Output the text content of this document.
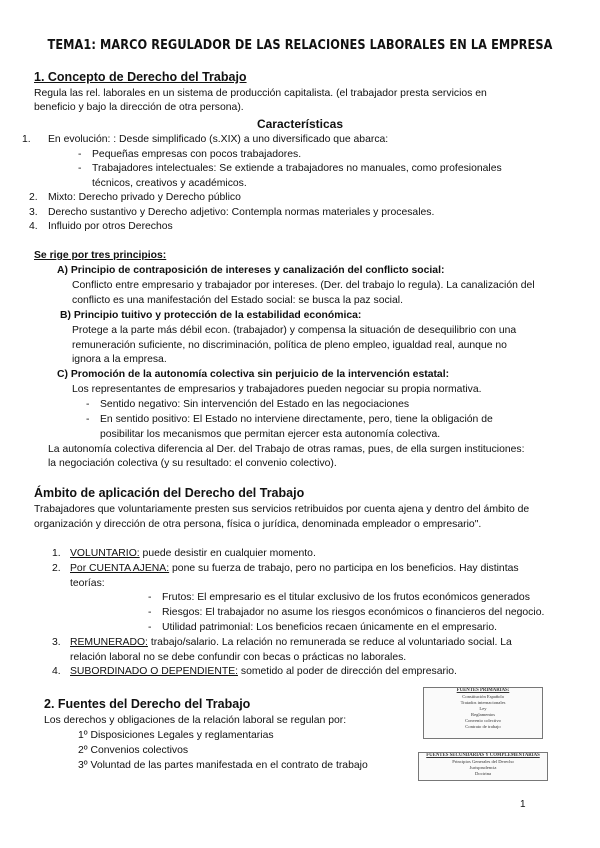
TEMA1: MARCO REGULADOR DE LAS RELACIONES LABORALES EN LA EMPRESA
1. Concepto de Derecho del Trabajo
Regula las rel. laborales en un sistema de producción capitalista. (el trabajador presta servicios en
beneficio y bajo la dirección de otra persona).
Características
1. En evolución: : Desde simplificado (s.XIX) a uno diversificado que abarca:
- Pequeñas empresas con pocos trabajadores.
- Trabajadores intelectuales: Se extiende a trabajadores no manuales, como profesionales
técnicos, creativos y académicos.
2. Mixto: Derecho privado y Derecho público
3. Derecho sustantivo y Derecho adjetivo: Contempla normas materiales y procesales.
4. Influido por otros Derechos
Se rige por tres principios:
A) Principio de contraposición de intereses y canalización del conflicto social:
Conflicto entre empresario y trabajador por intereses. (Der. del trabajo lo regula). La canalización del
conflicto es una manifestación del Estado social: se busca la paz social.
B) Principio tuitivo y protección de la estabilidad económica:
Protege a la parte más débil econ. (trabajador) y compensa la situación de desequilibrio con una
remuneración suficiente, no discriminación, política de pleno empleo, igualdad real, aunque no
ignora a la empresa.
C) Promoción de la autonomía colectiva sin perjuicio de la intervención estatal:
Los representantes de empresarios y trabajadores pueden negociar su propia normativa.
- Sentido negativo: Sin intervención del Estado en las negociaciones
- En sentido positivo: El Estado no interviene directamente, pero, tiene la obligación de
posibilitar los mecanismos que permitan ejercer esta autonomía colectiva.
La autonomía colectiva diferencia al Der. del Trabajo de otras ramas, pues, de ella surgen instituciones:
la negociación colectiva (y su resultado: el convenio colectivo).
Ámbito de aplicación del Derecho del Trabajo
Trabajadores que voluntariamente presten sus servicios retribuidos por cuenta ajena y dentro del ámbito de
organización y dirección de otra persona, física o jurídica, denominada empleador o empresario".
1. VOLUNTARIO: puede desistir en cualquier momento.
2. Por CUENTA AJENA: pone su fuerza de trabajo, pero no participa en los beneficios. Hay distintas
teorías:
- Frutos: El empresario es el titular exclusivo de los frutos económicos generados
- Riesgos: El trabajador no asume los riesgos económicos o financieros del negocio.
- Utilidad patrimonial: Los beneficios recaen únicamente en el empresario.
3. REMUNERADO: trabajo/salario. La relación no remunerada se reduce al voluntariado social. La
relación laboral no se debe confundir con becas o prácticas no laborales.
4. SUBORDINADO O DEPENDIENTE: sometido al poder de dirección del empresario.
2. Fuentes del Derecho del Trabajo
Los derechos y obligaciones de la relación laboral se regulan por:
1º Disposiciones Legales y reglamentarias
2º Convenios colectivos
3º Voluntad de las partes manifestada en el contrato de trabajo
FUENTES PRIMARIAS:
Constitución Española
Tratados internacionales
Ley
Reglamentos
Convenio colectivo
Contrato de trabajo
FUENTES SECUNDARIAS Y COMPLEMENTARIAS
Principios Generales del Derecho
Jurisprudencia
Doctrina
1
